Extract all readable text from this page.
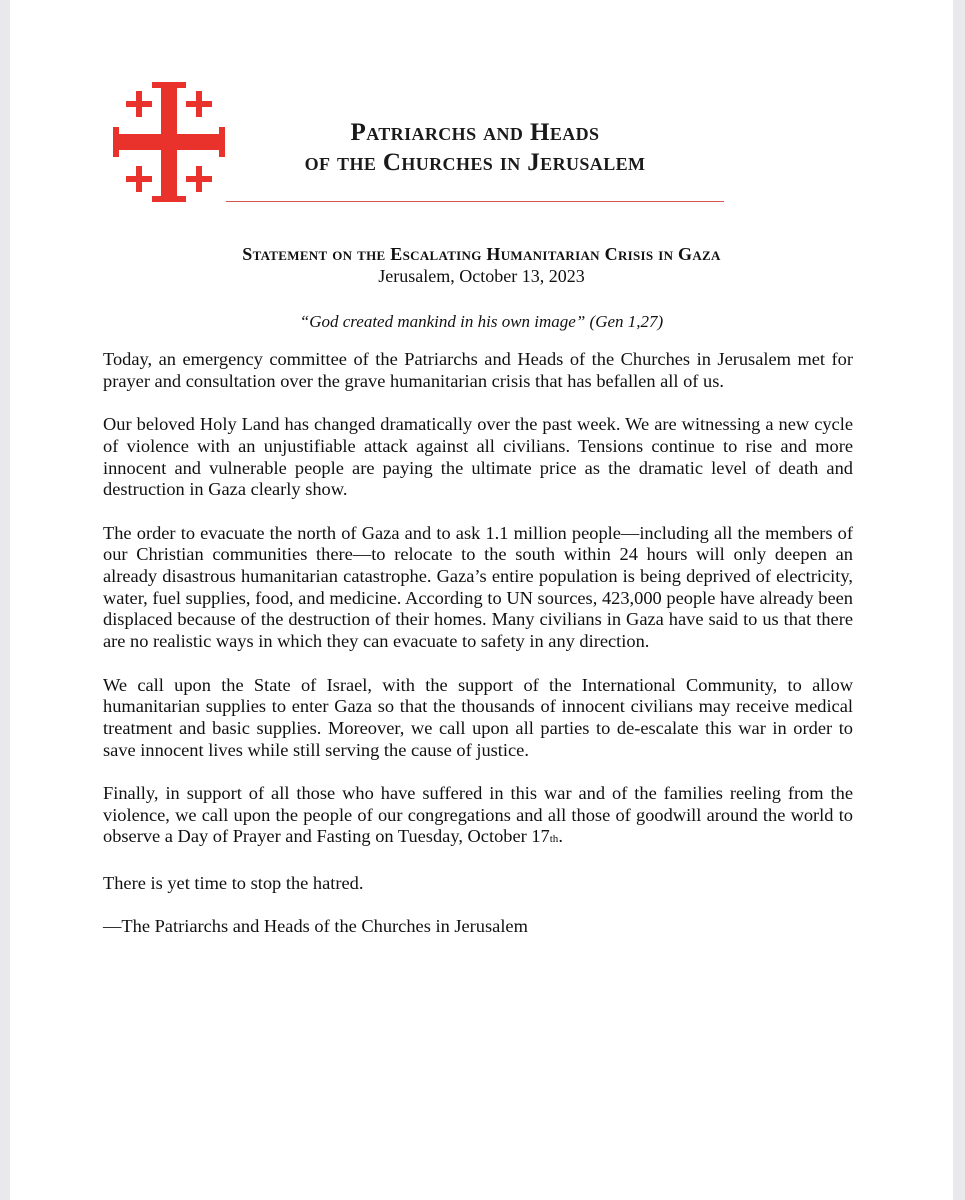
Patriarchs and Heads
of the Churches in Jerusalem
Statement on the Escalating Humanitarian Crisis in Gaza
Jerusalem, October 13, 2023
“God created mankind in his own image” (Gen 1,27)

Today, an emergency committee of the Patriarchs and Heads of the Churches in Jerusalem met for prayer and consultation over the grave humanitarian crisis that has befallen all of us.

Our beloved Holy Land has changed dramatically over the past week. We are witnessing a new cycle of violence with an unjustifiable attack against all civilians. Tensions continue to rise and more innocent and vulnerable people are paying the ultimate price as the dramatic level of death and destruction in Gaza clearly show.

The order to evacuate the north of Gaza and to ask 1.1 million people—including all the members of our Christian communities there—to relocate to the south within 24 hours will only deepen an already disastrous humanitarian catastrophe. Gaza’s entire population is being deprived of electricity, water, fuel supplies, food, and medicine. According to UN sources, 423,000 people have already been displaced because of the destruction of their homes. Many civilians in Gaza have said to us that there are no realistic ways in which they can evacuate to safety in any direction.

We call upon the State of Israel, with the support of the International Community, to allow humanitarian supplies to enter Gaza so that the thousands of innocent civilians may receive medical treatment and basic supplies. Moreover, we call upon all parties to de-escalate this war in order to save innocent lives while still serving the cause of justice.

Finally, in support of all those who have suffered in this war and of the families reeling from the violence, we call upon the people of our congregations and all those of goodwill around the world to observe a Day of Prayer and Fasting on Tuesday, October 17th.

There is yet time to stop the hatred.

—The Patriarchs and Heads of the Churches in Jerusalem
